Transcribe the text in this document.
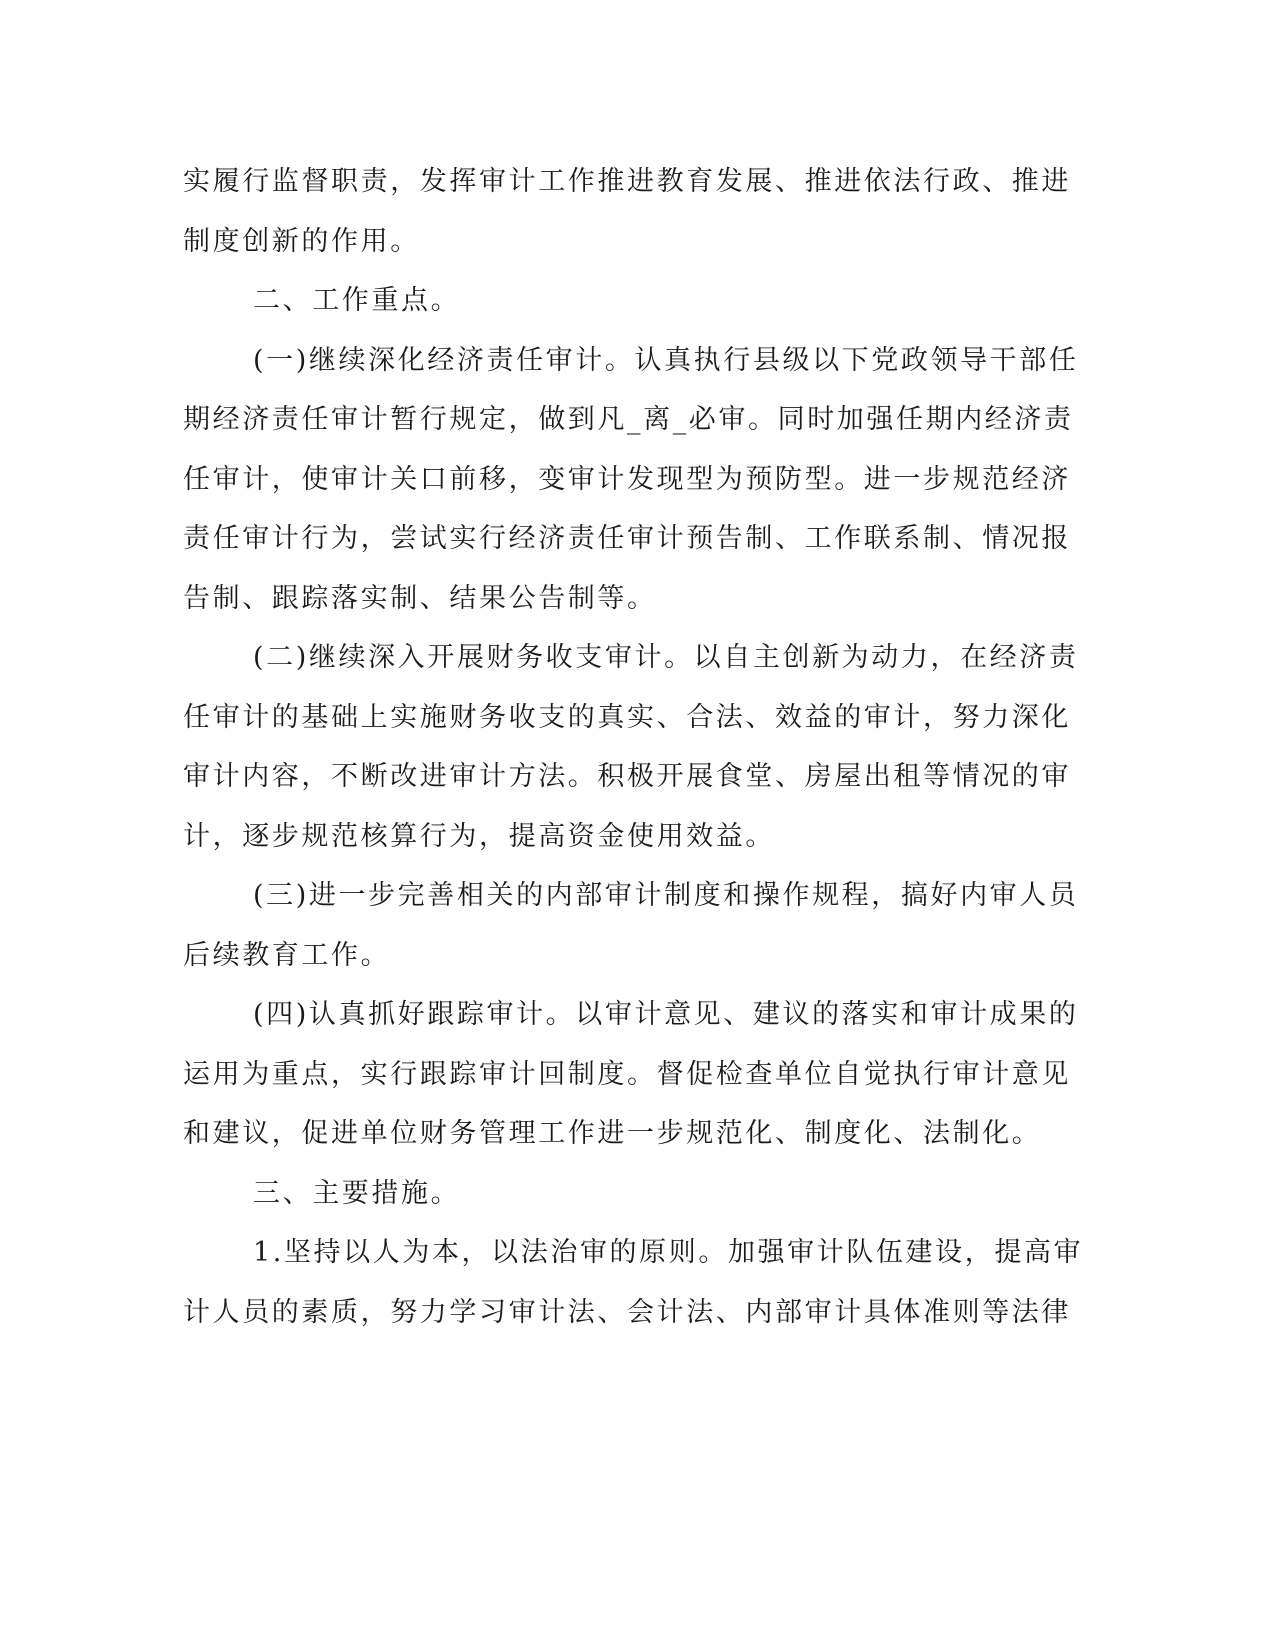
实履行监督职责，发挥审计工作推进教育发展、推进依法行政、推进
制度创新的作用。
二、工作重点。
(一)继续深化经济责任审计。认真执行县级以下党政领导干部任
期经济责任审计暂行规定，做到凡_离_必审。同时加强任期内经济责
任审计，使审计关口前移，变审计发现型为预防型。进一步规范经济
责任审计行为，尝试实行经济责任审计预告制、工作联系制、情况报
告制、跟踪落实制、结果公告制等。
(二)继续深入开展财务收支审计。以自主创新为动力，在经济责
任审计的基础上实施财务收支的真实、合法、效益的审计，努力深化
审计内容，不断改进审计方法。积极开展食堂、房屋出租等情况的审
计，逐步规范核算行为，提高资金使用效益。
(三)进一步完善相关的内部审计制度和操作规程，搞好内审人员
后续教育工作。
(四)认真抓好跟踪审计。以审计意见、建议的落实和审计成果的
运用为重点，实行跟踪审计回制度。督促检查单位自觉执行审计意见
和建议，促进单位财务管理工作进一步规范化、制度化、法制化。
三、主要措施。
1.坚持以人为本，以法治审的原则。加强审计队伍建设，提高审
计人员的素质，努力学习审计法、会计法、内部审计具体准则等法律
